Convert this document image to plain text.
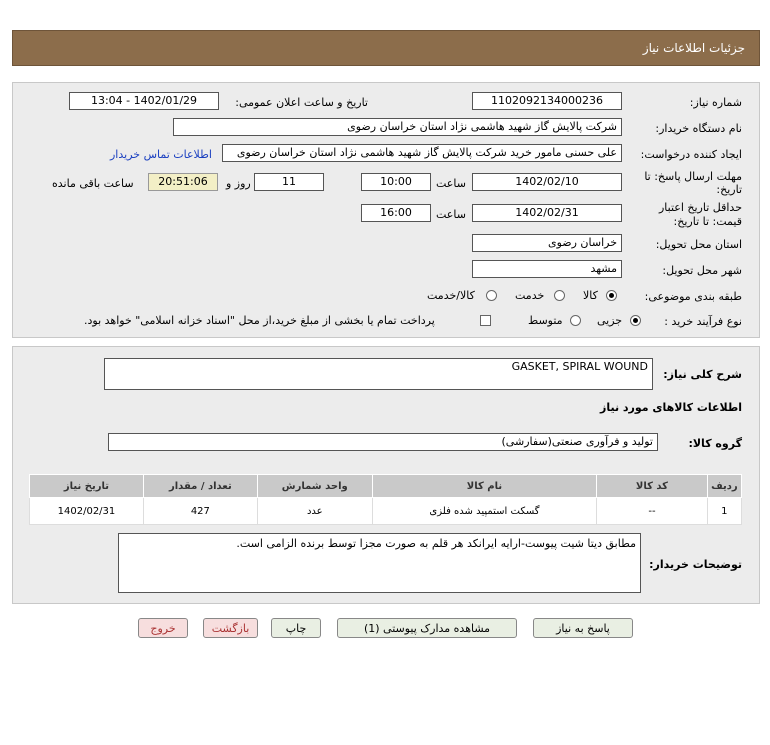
جزئیات اطلاعات نیاز
شماره نیاز:
1102092134000236
تاریخ و ساعت اعلان عمومی:
1402/01/29 - 13:04
نام دستگاه خریدار:
شرکت پالایش گاز شهید هاشمی نژاد استان خراسان رضوی
ایجاد کننده درخواست:
علی حسنی مامور خرید شرکت پالایش گاز شهید هاشمی نژاد استان خراسان رضوی
اطلاعات تماس خریدار
مهلت ارسال پاسخ: تا
تاریخ:
1402/02/10
ساعت
10:00
11
روز و
20:51:06
ساعت باقی مانده
حداقل تاریخ اعتبار
قیمت: تا تاریخ:
1402/02/31
ساعت
16:00
استان محل تحویل:
خراسان رضوی
شهر محل تحویل:
مشهد
طبقه بندی موضوعی:
کالا
خدمت
کالا/خدمت
نوع فرآیند خرید :
جزیی
متوسط
پرداخت تمام یا بخشی از مبلغ خرید،از محل "اسناد خزانه اسلامی" خواهد بود.
شرح کلی نیاز:
GASKET, SPIRAL WOUND
اطلاعات کالاهای مورد نیاز
گروه کالا:
تولید و فرآوری صنعتی(سفارشی)
ردیف	کد کالا	نام کالا	واحد شمارش	تعداد / مقدار	تاریخ نیاز
1	--	گسکت استمپید شده فلزی	عدد	427	1402/02/31
توضیحات خریدار:
مطابق دیتا شیت پیوست-ارایه ایرانکد هر قلم به صورت مجزا توسط برنده الزامی است.
پاسخ به نیاز
مشاهده مدارک پیوستی (1)
چاپ
بازگشت
خروج
